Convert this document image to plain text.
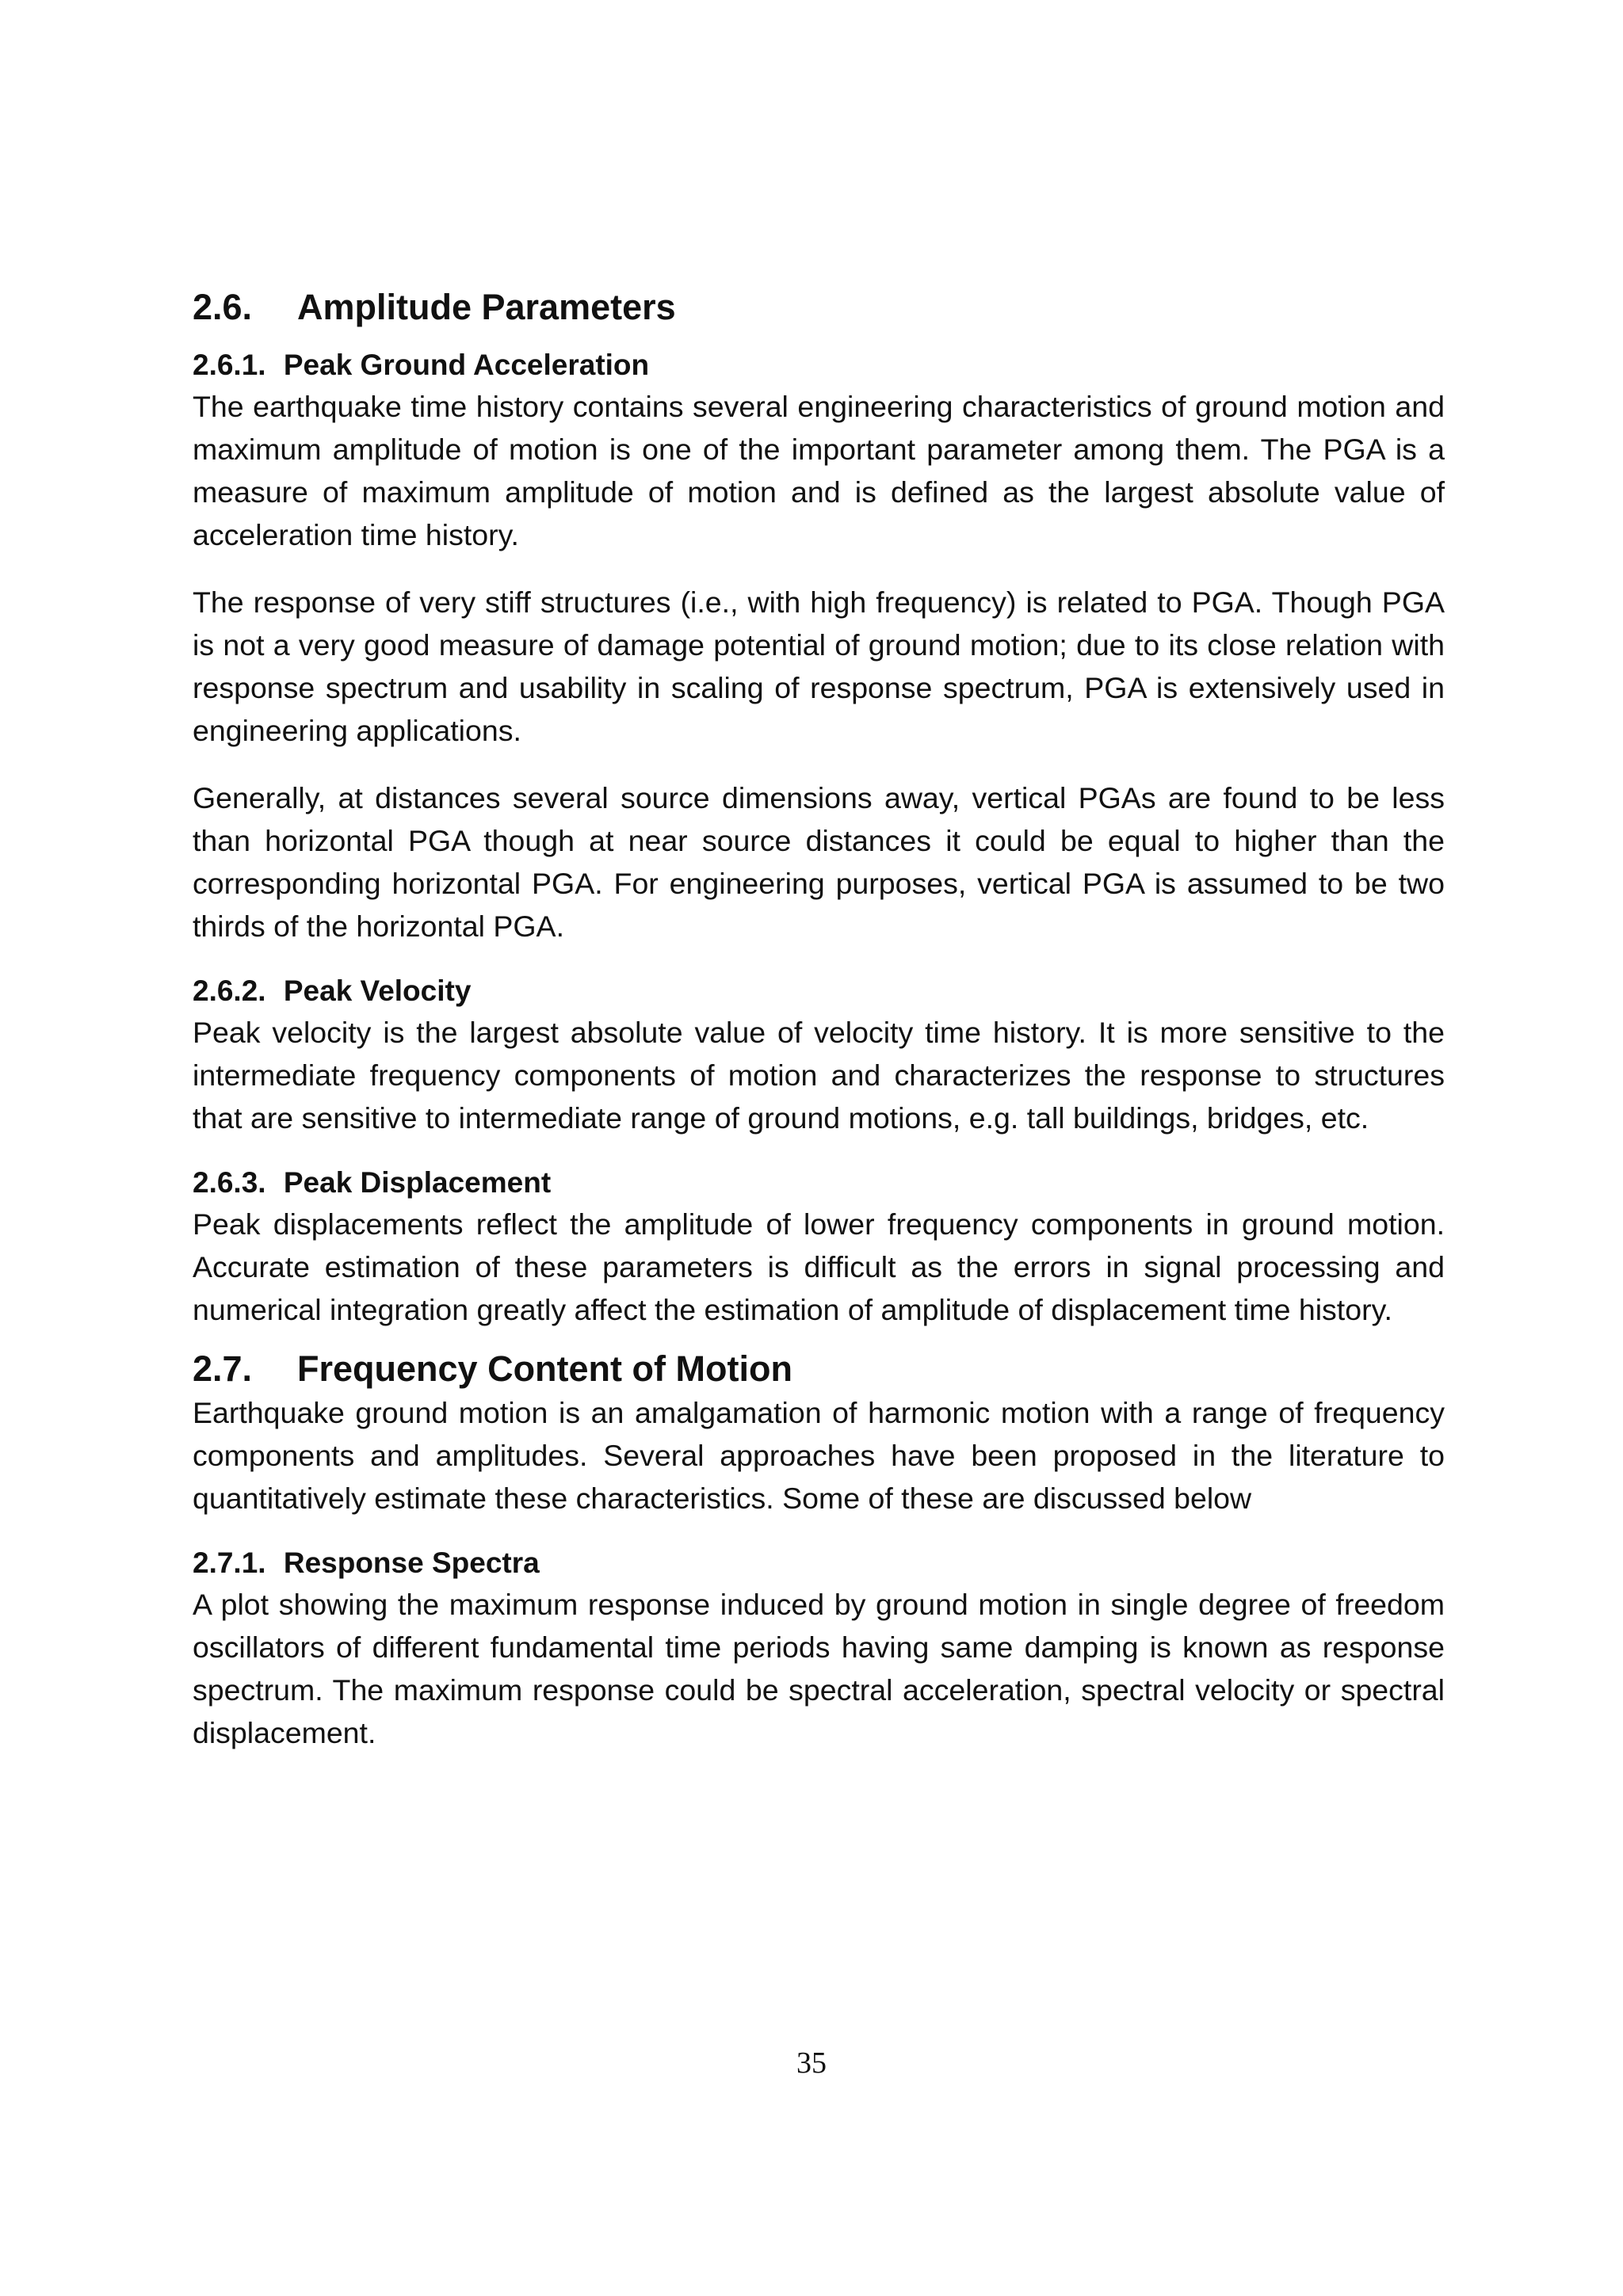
2.6.	Amplitude Parameters
2.6.1. Peak Ground Acceleration

The earthquake time history contains several engineering characteristics of ground motion and maximum amplitude of motion is one of the important parameter among them. The PGA is a measure of maximum amplitude of motion and is defined as the largest absolute value of acceleration time history.

The response of very stiff structures (i.e., with high frequency) is related to PGA. Though PGA is not a very good measure of damage potential of ground motion; due to its close relation with response spectrum and usability in scaling of response spectrum, PGA is extensively used in engineering applications.

Generally, at distances several source dimensions away, vertical PGAs are found to be less than horizontal PGA though at near source distances it could be equal to higher than the corresponding horizontal PGA. For engineering purposes, vertical PGA is assumed to be two thirds of the horizontal PGA.

2.6.2. Peak Velocity

Peak velocity is the largest absolute value of velocity time history. It is more sensitive to the intermediate frequency components of motion and characterizes the response to structures that are sensitive to intermediate range of ground motions, e.g. tall buildings, bridges, etc.

2.6.3. Peak Displacement

Peak displacements reflect the amplitude of lower frequency components in ground motion. Accurate estimation of these parameters is difficult as the errors in signal processing and numerical integration greatly affect the estimation of amplitude of displacement time history.

2.7.	Frequency Content of Motion

Earthquake ground motion is an amalgamation of harmonic motion with a range of frequency components and amplitudes. Several approaches have been proposed in the literature to quantitatively estimate these characteristics. Some of these are discussed below

2.7.1. Response Spectra

A plot showing the maximum response induced by ground motion in single degree of freedom oscillators of different fundamental time periods having same damping is known as response spectrum. The maximum response could be spectral acceleration, spectral velocity or spectral displacement.

35
